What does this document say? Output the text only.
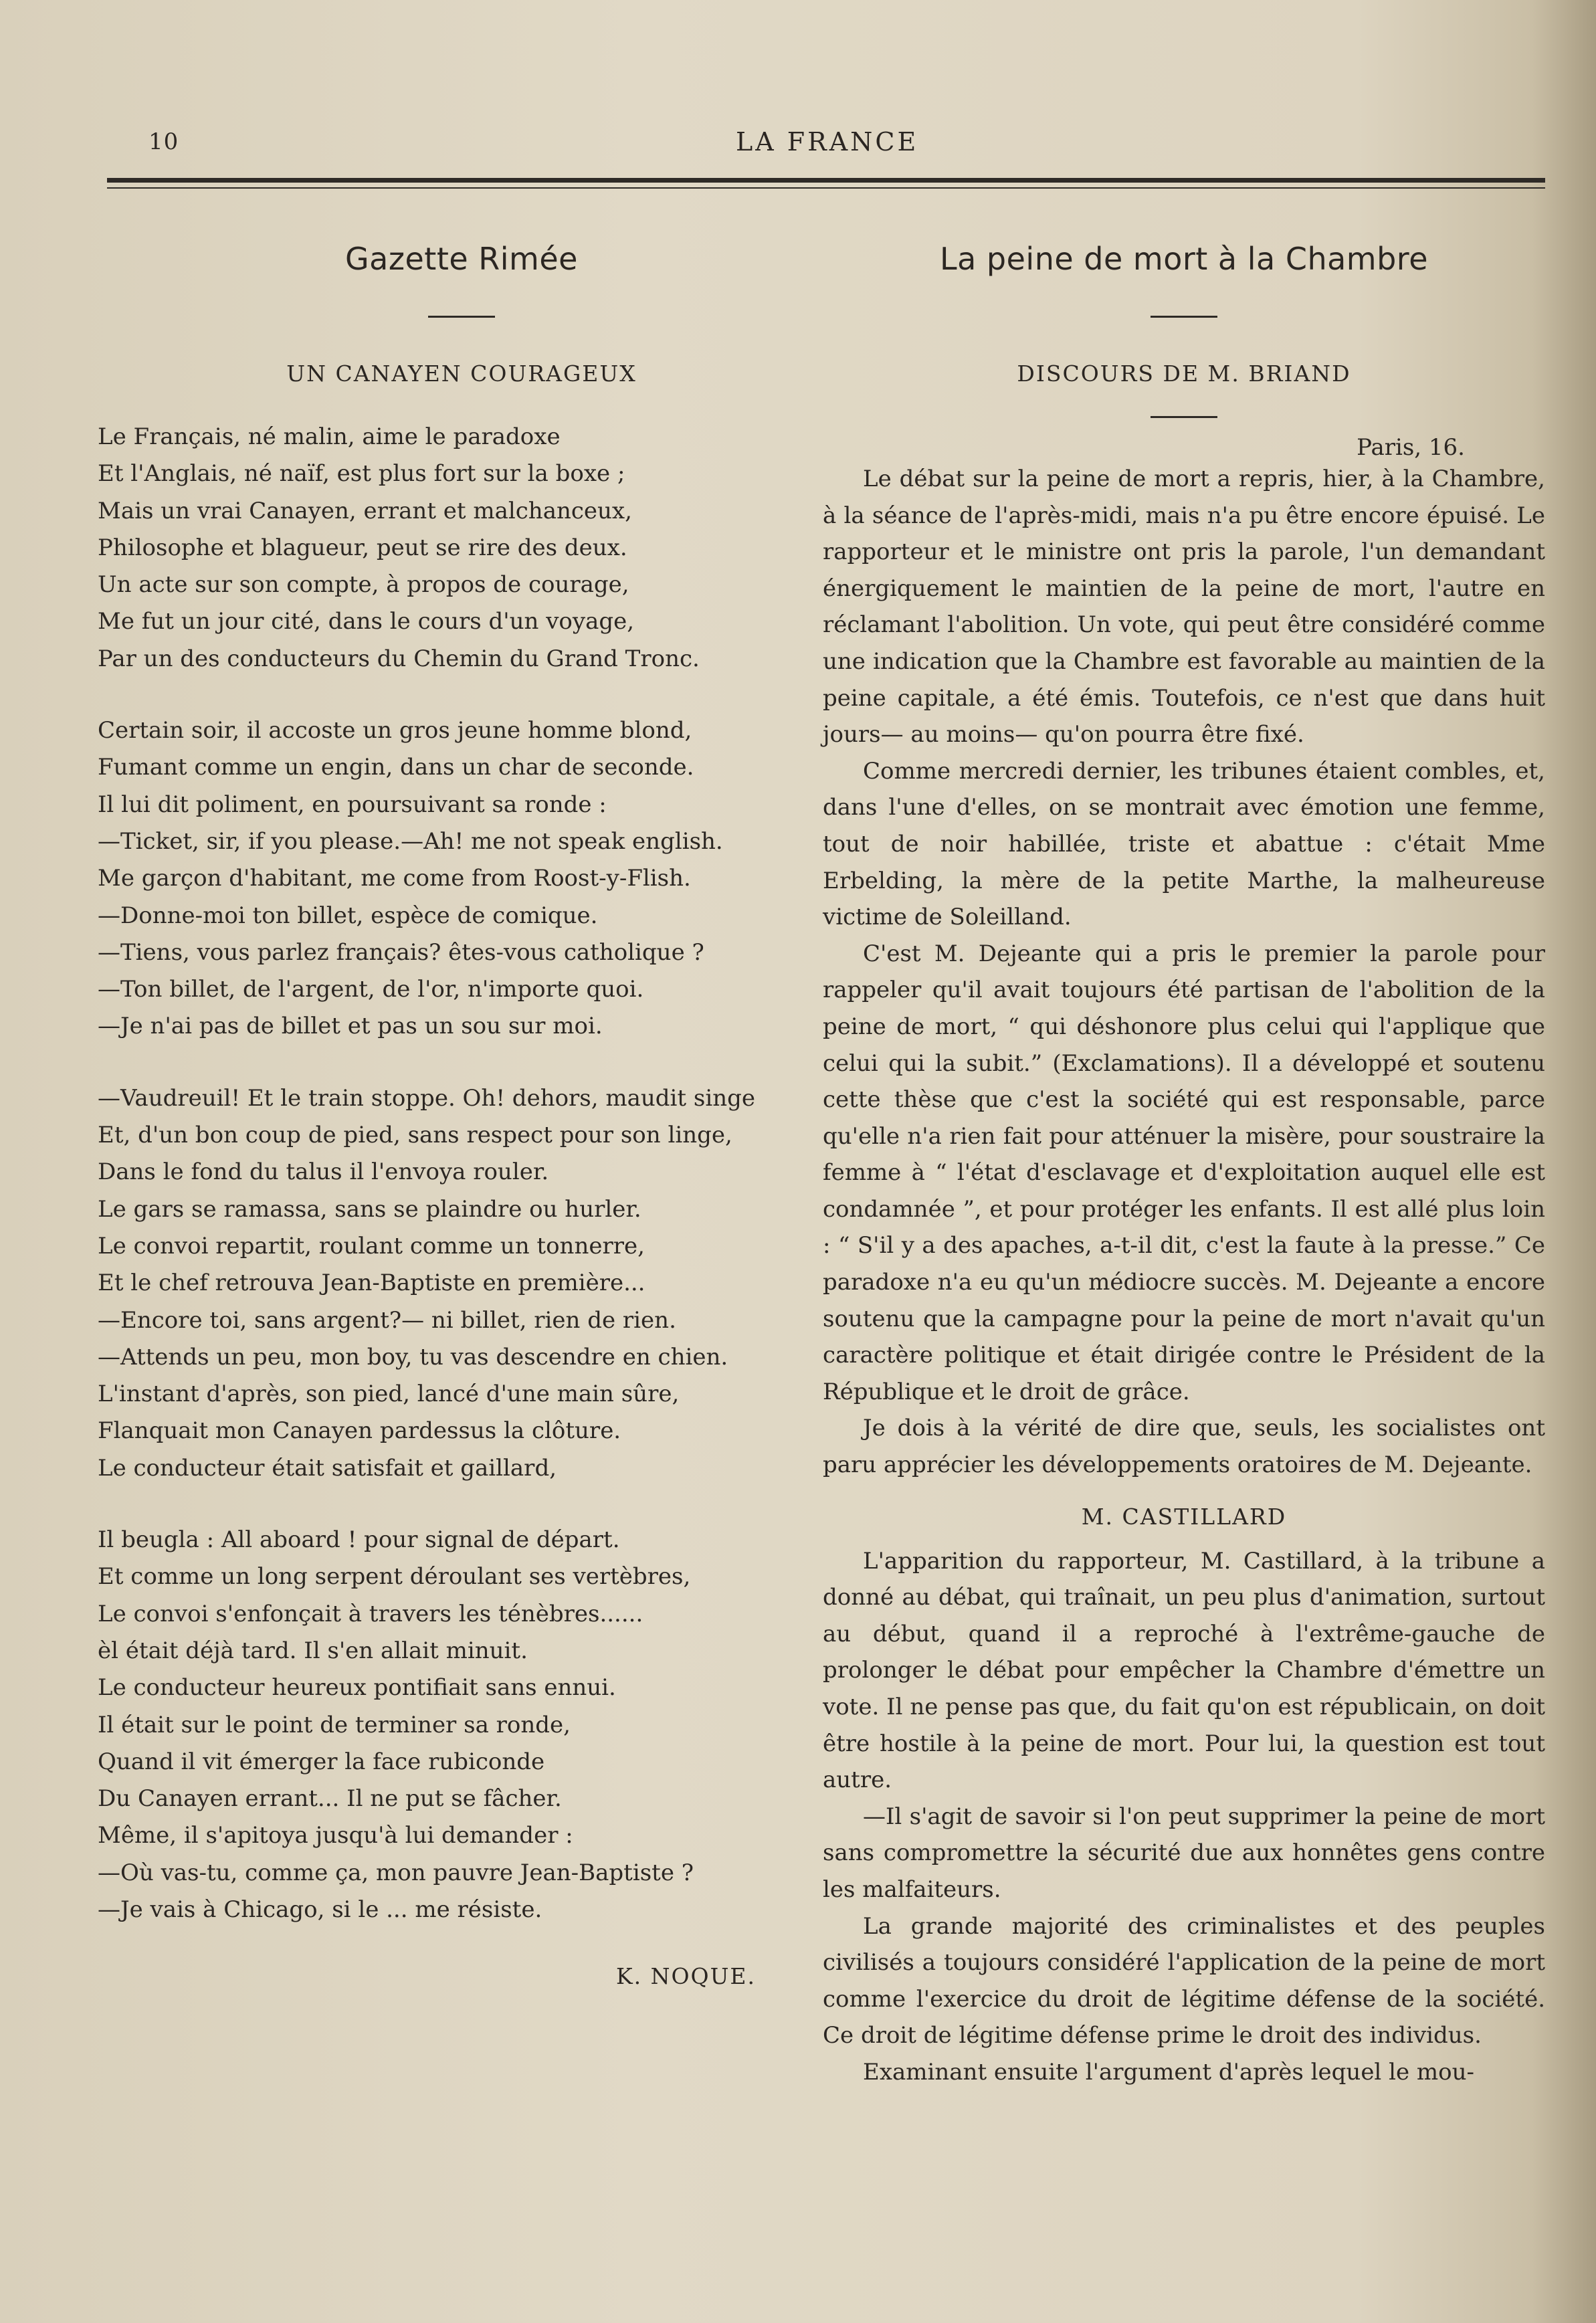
10	LA FRANCE
Gazette Rimée
UN CANAYEN COURAGEUX
Le Français, né malin, aime le paradoxe
Et l'Anglais, né naïf, est plus fort sur la boxe ;
Mais un vrai Canayen, errant et malchanceux,
Philosophe et blagueur, peut se rire des deux.
Un acte sur son compte, à propos de courage,
Me fut un jour cité, dans le cours d'un voyage,
Par un des conducteurs du Chemin du Grand Tronc.
Certain soir, il accoste un gros jeune homme blond,
Fumant comme un engin, dans un char de seconde.
Il lui dit poliment, en poursuivant sa ronde :
—Ticket, sir, if you please.—Ah! me not speak english.
Me garçon d'habitant, me come from Roost-y-Flish.
—Donne-moi ton billet, espèce de comique.
—Tiens, vous parlez français? êtes-vous catholique ?
—Ton billet, de l'argent, de l'or, n'importe quoi.
—Je n'ai pas de billet et pas un sou sur moi.
—Vaudreuil! Et le train stoppe. Oh! dehors, maudit singe
Et, d'un bon coup de pied, sans respect pour son linge,
Dans le fond du talus il l'envoya rouler.
Le gars se ramassa, sans se plaindre ou hurler.
Le convoi repartit, roulant comme un tonnerre,
Et le chef retrouva Jean-Baptiste en première...
—Encore toi, sans argent?— ni billet, rien de rien.
—Attends un peu, mon boy, tu vas descendre en chien.
L'instant d'après, son pied, lancé d'une main sûre,
Flanquait mon Canayen pardessus la clôture.
Le conducteur était satisfait et gaillard,
Il beugla : All aboard ! pour signal de départ.
Et comme un long serpent déroulant ses vertèbres,
Le convoi s'enfonçait à travers les ténèbres......
èl était déjà tard. Il s'en allait minuit.
Le conducteur heureux pontifiait sans ennui.
Il était sur le point de terminer sa ronde,
Quand il vit émerger la face rubiconde
Du Canayen errant... Il ne put se fâcher.
Même, il s'apitoya jusqu'à lui demander :
—Où vas-tu, comme ça, mon pauvre Jean-Baptiste ?
—Je vais à Chicago, si le ... me résiste.
K. NOQUE.
La peine de mort à la Chambre
DISCOURS DE M. BRIAND
Paris, 16.

Le débat sur la peine de mort a repris, hier, à la Chambre, à la séance de l'après-midi, mais n'a pu être encore épuisé. Le rapporteur et le ministre ont pris la parole, l'un demandant énergiquement le maintien de la peine de mort, l'autre en réclamant l'abolition. Un vote, qui peut être considéré comme une indication que la Chambre est favorable au maintien de la peine capitale, a été émis. Toutefois, ce n'est que dans huit jours— au moins— qu'on pourra être fixé.

Comme mercredi dernier, les tribunes étaient combles, et, dans l'une d'elles, on se montrait avec émotion une femme, tout de noir habillée, triste et abattue : c'était Mme Erbelding, la mère de la petite Marthe, la malheureuse victime de Soleilland.

C'est M. Dejeante qui a pris le premier la parole pour rappeler qu'il avait toujours été partisan de l'abolition de la peine de mort, “ qui déshonore plus celui qui l'applique que celui qui la subit.” (Exclamations). Il a développé et soutenu cette thèse que c'est la société qui est responsable, parce qu'elle n'a rien fait pour atténuer la misère, pour soustraire la femme à “ l'état d'esclavage et d'exploitation auquel elle est condamnée ”, et pour protéger les enfants. Il est allé plus loin : “ S'il y a des apaches, a-t-il dit, c'est la faute à la presse.” Ce paradoxe n'a eu qu'un médiocre succès. M. Dejeante a encore soutenu que la campagne pour la peine de mort n'avait qu'un caractère politique et était dirigée contre le Président de la République et le droit de grâce.

Je dois à la vérité de dire que, seuls, les socialistes ont paru apprécier les développements oratoires de M. Dejeante.

M. CASTILLARD

L'apparition du rapporteur, M. Castillard, à la tribune a donné au débat, qui traînait, un peu plus d'animation, surtout au début, quand il a reproché à l'extrême-gauche de prolonger le débat pour empêcher la Chambre d'émettre un vote. Il ne pense pas que, du fait qu'on est républicain, on doit être hostile à la peine de mort. Pour lui, la question est tout autre.

—Il s'agit de savoir si l'on peut supprimer la peine de mort sans compromettre la sécurité due aux honnêtes gens contre les malfaiteurs.

La grande majorité des criminalistes et des peuples civilisés a toujours considéré l'application de la peine de mort comme l'exercice du droit de légitime défense de la société. Ce droit de légitime défense prime le droit des individus.

Examinant ensuite l'argument d'après lequel le mou-
